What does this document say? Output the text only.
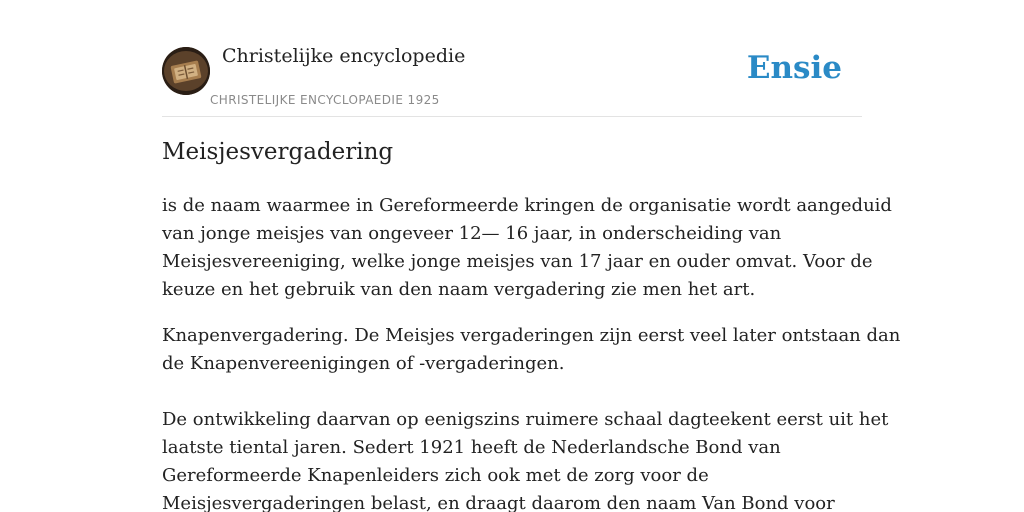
Christelijke encyclopedie
CHRISTELIJKE ENCYCLOPAEDIE 1925
Ensie
Meisjesvergadering

is de naam waarmee in Gereformeerde kringen de organisatie wordt aangeduid

van jonge meisjes van ongeveer 12— 16 jaar, in onderscheiding van

Meisjesvereeniging, welke jonge meisjes van 17 jaar en ouder omvat. Voor de

keuze en het gebruik van den naam vergadering zie men het art.

Knapenvergadering. De Meisjes vergaderingen zijn eerst veel later ontstaan dan

de Knapenvereenigingen of -vergaderingen.

De ontwikkeling daarvan op eenigszins ruimere schaal dagteekent eerst uit het

laatste tiental jaren. Sedert 1921 heeft de Nederlandsche Bond van

Gereformeerde Knapenleiders zich ook met de zorg voor de

Meisjesvergaderingen belast, en draagt daarom den naam Van Bond voor
